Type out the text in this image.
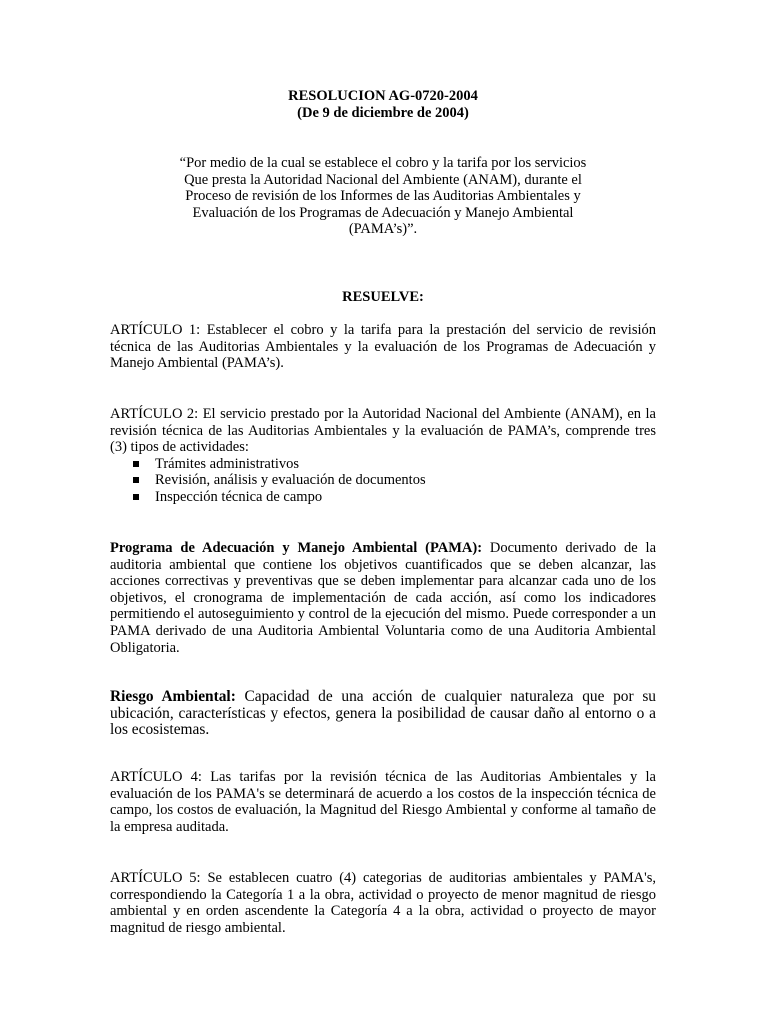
RESOLUCION AG-0720-2004
(De 9 de diciembre de 2004)
“Por medio de la cual se establece el cobro y la tarifa por los servicios
Que presta la Autoridad Nacional del Ambiente (ANAM), durante el
Proceso de revisión de los Informes de las Auditorias Ambientales y
Evaluación de los Programas de Adecuación y Manejo Ambiental
(PAMA’s)”.
RESUELVE:

ARTÍCULO 1: Establecer el cobro y la tarifa para la prestación del servicio de revisión técnica de las Auditorias Ambientales y la evaluación de los Programas de Adecuación y Manejo Ambiental (PAMA’s).

ARTÍCULO 2: El servicio prestado por la Autoridad Nacional del Ambiente (ANAM), en la revisión técnica de las Auditorias Ambientales y la evaluación de PAMA’s, comprende tres (3) tipos de actividades:

Trámites administrativos
Revisión, análisis y evaluación de documentos
Inspección técnica de campo

Programa de Adecuación y Manejo Ambiental (PAMA): Documento derivado de la auditoria ambiental que contiene los objetivos cuantificados que se deben alcanzar, las acciones correctivas y preventivas que se deben implementar para alcanzar cada uno de los objetivos, el cronograma de implementación de cada acción, así como los indicadores permitiendo el autoseguimiento y control de la ejecución del mismo. Puede corresponder a un PAMA derivado de una Auditoria Ambiental Voluntaria como de una Auditoria Ambiental Obligatoria.

Riesgo Ambiental: Capacidad de una acción de cualquier naturaleza que por su ubicación, características y efectos, genera la posibilidad de causar daño al entorno o a los ecosistemas.

ARTÍCULO 4: Las tarifas por la revisión técnica de las Auditorias Ambientales y la evaluación de los PAMA's se determinará de acuerdo a los costos de la inspección técnica de campo, los costos de evaluación, la Magnitud del Riesgo Ambiental y conforme al tamaño de la empresa auditada.

ARTÍCULO 5: Se establecen cuatro (4) categorias de auditorias ambientales y PAMA's, correspondiendo la Categoría 1 a la obra, actividad o proyecto de menor magnitud de riesgo ambiental y en orden ascendente la Categoría 4 a la obra, actividad o proyecto de mayor magnitud de riesgo ambiental.
